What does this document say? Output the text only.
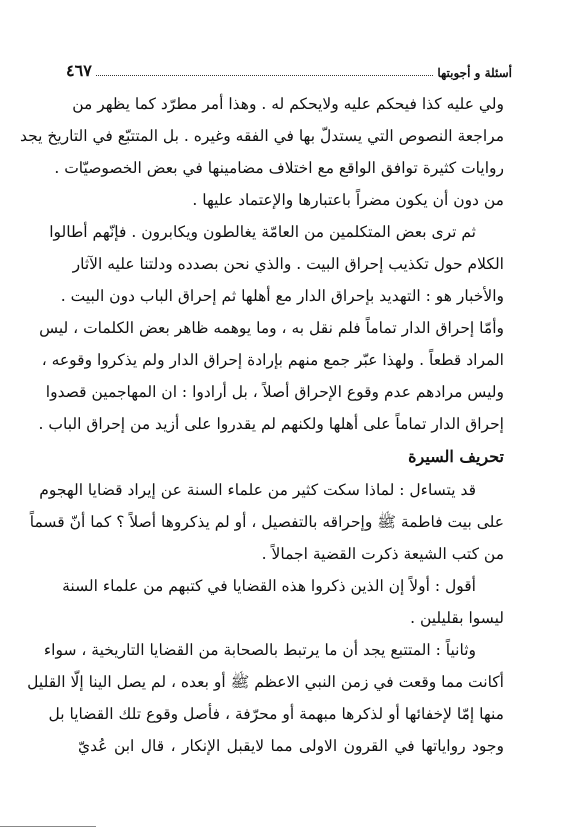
أسئلة و أجوبتها
٤٦٧
ولي عليه كذا فيحكم عليه ولايحكم له . وهذا أمر مطرّد كما يظهر من
مراجعة النصوص التي يستدلّ بها في الفقه وغيره . بل المتتبّع في التاريخ يجد
روايات كثيرة توافق الواقع مع اختلاف مضامينها في بعض الخصوصيّات .
من دون أن يكون مضراً باعتبارها والإعتماد عليها .
ثم ترى بعض المتكلمين من العامّة يغالطون ويكابرون . فإنّهم أطالوا
الكلام حول تكذيب إحراق البيت . والذي نحن بصدده ودلتنا عليه الآثار
والأخبار هو : التهديد بإحراق الدار مع أهلها ثم إحراق الباب دون البيت .
وأمّا إحراق الدار تماماً فلم نقل به ، وما يوهمه ظاهر بعض الكلمات ، ليس
المراد قطعاً . ولهذا عبّر جمع منهم بإرادة إحراق الدار ولم يذكروا وقوعه ،
وليس مرادهم عدم وقوع الإحراق أصلاً ، بل أرادوا : ان المهاجمين قصدوا
إحراق الدار تماماً على أهلها ولكنهم لم يقدروا على أزيد من إحراق الباب .
تحريف السيرة
قد يتساءل : لماذا سكت كثير من علماء السنة عن إيراد قضايا الهجوم
على بيت فاطمة ﷺ وإحراقه بالتفصيل ، أو لم يذكروها أصلاً ؟ كما أنّ قسماً
من كتب الشيعة ذكرت القضية اجمالاً .
أقول : أولاً إن الذين ذكروا هذه القضايا في كتبهم من علماء السنة
ليسوا بقليلين .
وثانياً : المتتبع يجد أن ما يرتبط بالصحابة من القضايا التاريخية ، سواء
أكانت مما وقعت في زمن النبي الاعظم ﷺ أو بعده ، لم يصل الينا إلّا القليل
منها إمّا لإخفائها أو لذكرها مبهمة أو محرّفة ، فأصل وقوع تلك القضايا بل
وجود رواياتها في القرون الاولى مما لايقبل الإنكار ، قال ابن عُديّ
